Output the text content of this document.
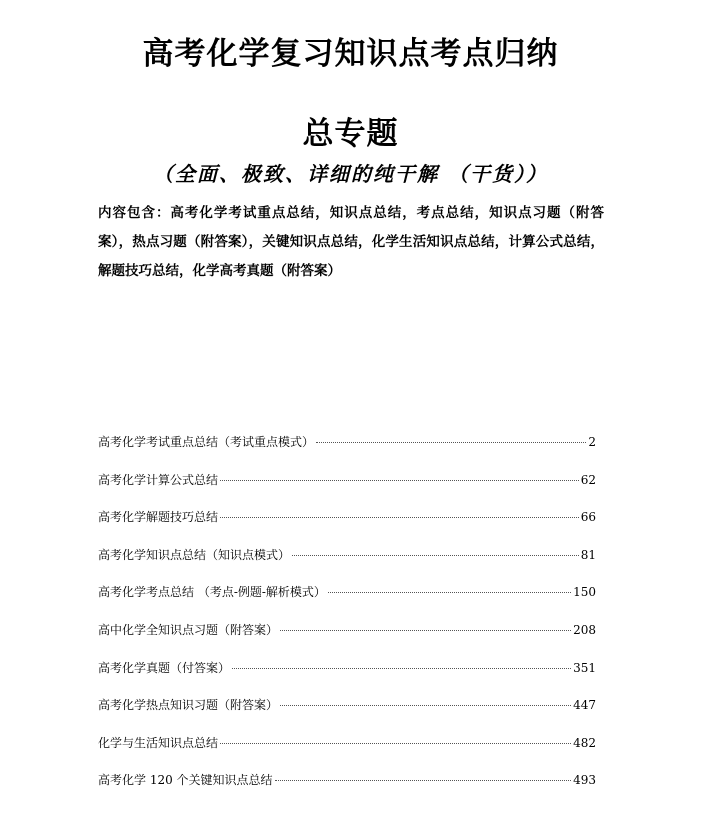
高考化学复习知识点考点归纳
总专题
（全面、极致、详细的纯干解 （干货））
内容包含：高考化学考试重点总结，知识点总结，考点总结，知识点习题（附答案），热点习题（附答案），关键知识点总结，化学生活知识点总结，计算公式总结，解题技巧总结，化学高考真题（附答案）
高考化学考试重点总结（考试重点模式）	2
高考化学计算公式总结	62
高考化学解题技巧总结	66
高考化学知识点总结（知识点模式）	81
高考化学考点总结 （考点-例题-解析模式）	150
高中化学全知识点习题（附答案）	208
高考化学真题（付答案）	351
高考化学热点知识习题（附答案）	447
化学与生活知识点总结	482
高考化学 120 个关键知识点总结	493
